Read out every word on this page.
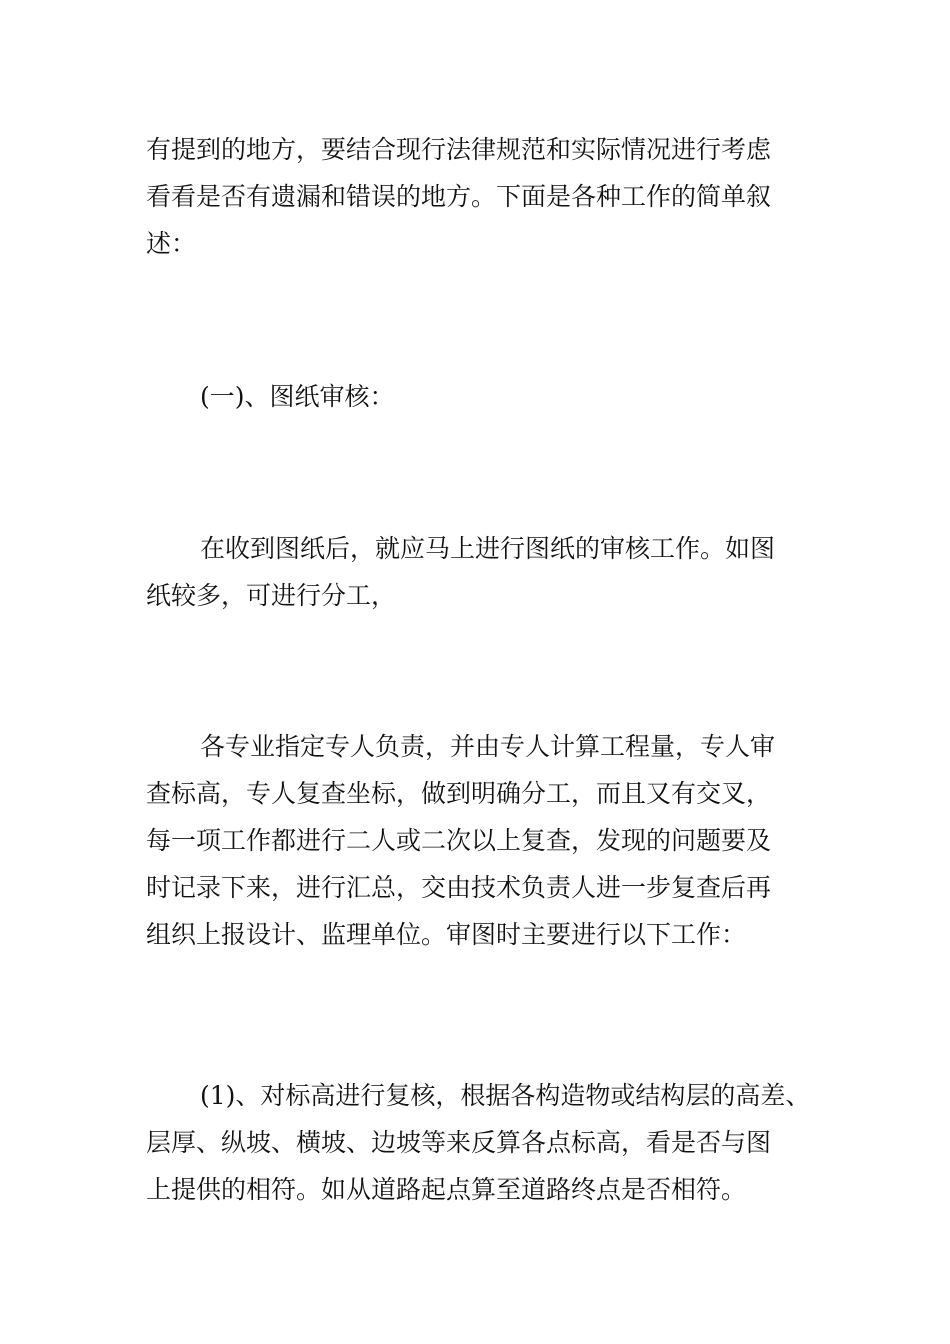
有提到的地方，要结合现行法律规范和实际情况进行考虑
看看是否有遗漏和错误的地方。下面是各种工作的简单叙
述：

(一)、图纸审核：

在收到图纸后，就应马上进行图纸的审核工作。如图
纸较多，可进行分工，

各专业指定专人负责，并由专人计算工程量，专人审
查标高，专人复查坐标，做到明确分工，而且又有交叉，
每一项工作都进行二人或二次以上复查，发现的问题要及
时记录下来，进行汇总，交由技术负责人进一步复查后再
组织上报设计、监理单位。审图时主要进行以下工作：

(1)、对标高进行复核，根据各构造物或结构层的高差、
层厚、纵坡、横坡、边坡等来反算各点标高，看是否与图
上提供的相符。如从道路起点算至道路终点是否相符。
